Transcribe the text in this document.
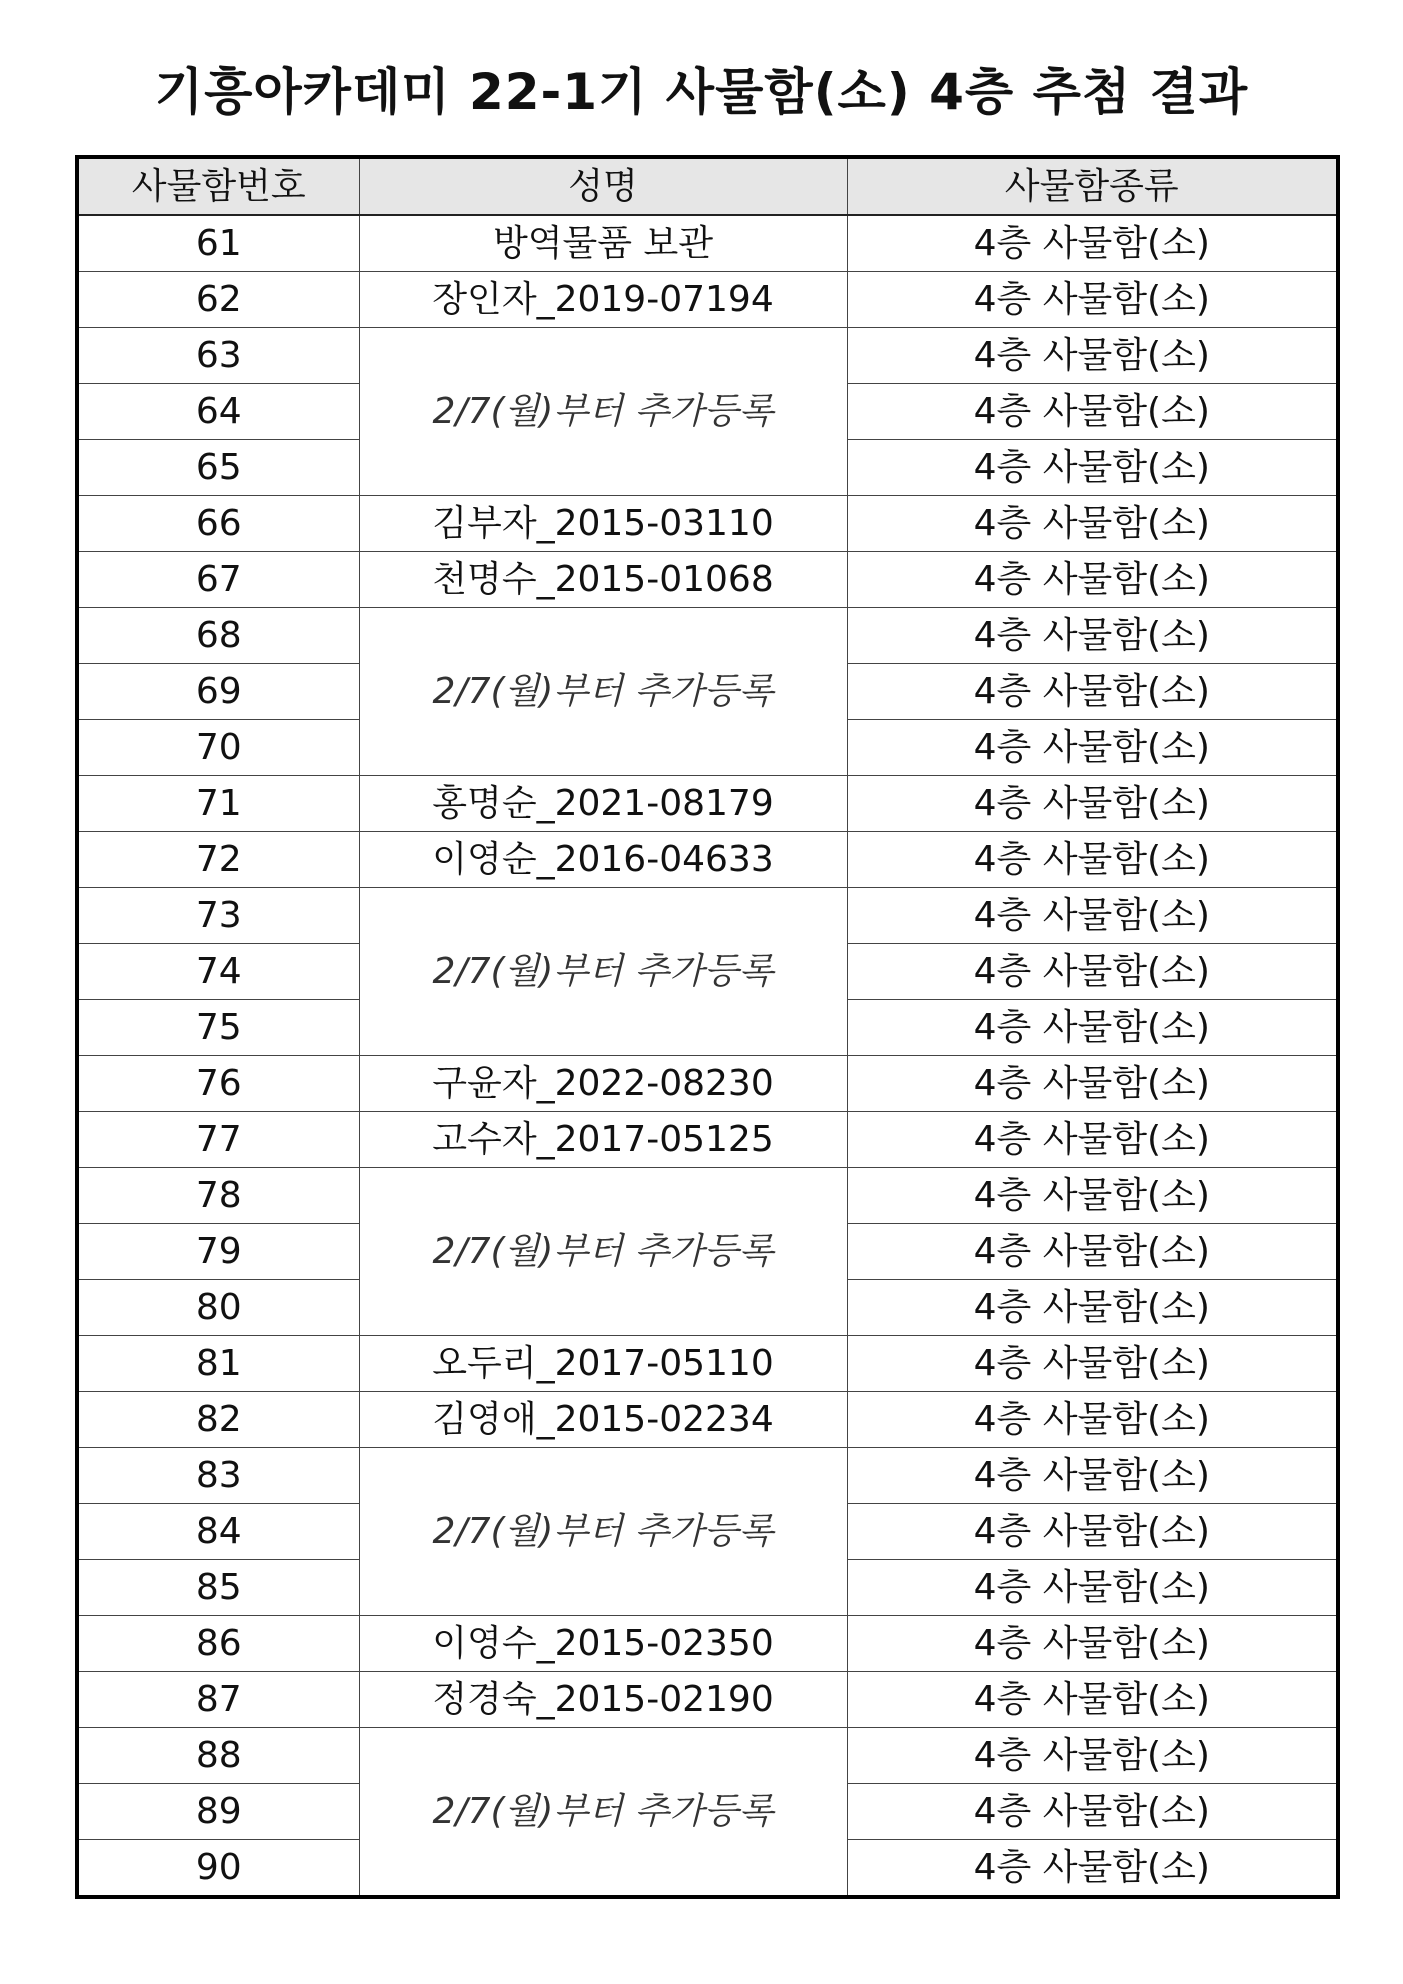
기흥아카데미 22-1기 사물함(소) 4층 추첨 결과
사물함번호	성명	사물함종류
61	방역물품 보관	4층 사물함(소)
62	장인자_2019-07194	4층 사물함(소)
63	2/7(월)부터 추가등록	4층 사물함(소)
64		4층 사물함(소)
65		4층 사물함(소)
66	김부자_2015-03110	4층 사물함(소)
67	천명수_2015-01068	4층 사물함(소)
68	2/7(월)부터 추가등록	4층 사물함(소)
69		4층 사물함(소)
70		4층 사물함(소)
71	홍명순_2021-08179	4층 사물함(소)
72	이영순_2016-04633	4층 사물함(소)
73	2/7(월)부터 추가등록	4층 사물함(소)
74		4층 사물함(소)
75		4층 사물함(소)
76	구윤자_2022-08230	4층 사물함(소)
77	고수자_2017-05125	4층 사물함(소)
78	2/7(월)부터 추가등록	4층 사물함(소)
79		4층 사물함(소)
80		4층 사물함(소)
81	오두리_2017-05110	4층 사물함(소)
82	김영애_2015-02234	4층 사물함(소)
83	2/7(월)부터 추가등록	4층 사물함(소)
84		4층 사물함(소)
85		4층 사물함(소)
86	이영수_2015-02350	4층 사물함(소)
87	정경숙_2015-02190	4층 사물함(소)
88	2/7(월)부터 추가등록	4층 사물함(소)
89		4층 사물함(소)
90		4층 사물함(소)
